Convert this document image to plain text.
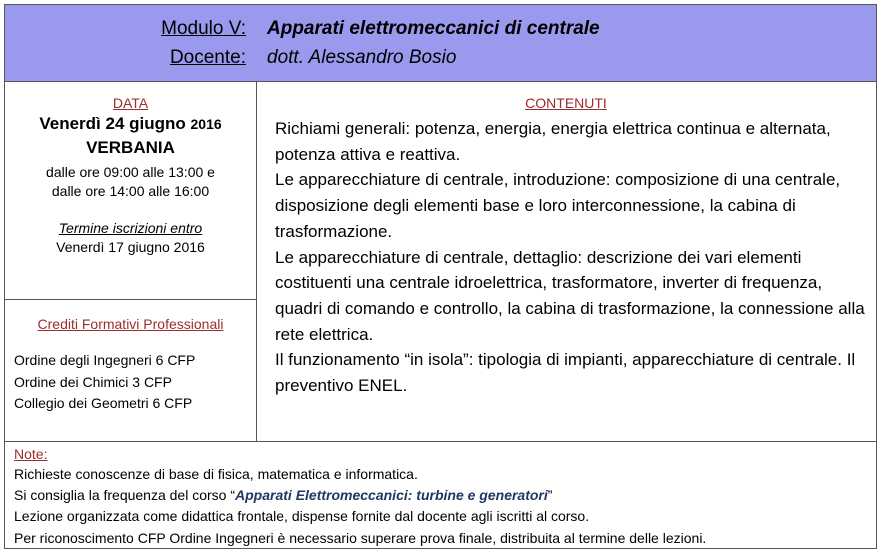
Modulo V: Apparati elettromeccanici di centrale
Docente: dott. Alessandro Bosio
DATA
Venerdì 24 giugno 2016
VERBANIA
dalle ore 09:00 alle 13:00 e
dalle ore 14:00 alle 16:00
Termine iscrizioni entro
Venerdì 17 giugno 2016
Crediti Formativi Professionali
Ordine degli Ingegneri 6 CFP
Ordine dei Chimici 3 CFP
Collegio dei Geometri 6 CFP
CONTENUTI
Richiami generali: potenza, energia, energia elettrica continua e alternata, potenza attiva e reattiva.
Le apparecchiature di centrale, introduzione: composizione di una centrale, disposizione degli elementi base e loro interconnessione, la cabina di trasformazione.
Le apparecchiature di centrale, dettaglio: descrizione dei vari elementi costituenti una centrale idroelettrica, trasformatore, inverter di frequenza, quadri di comando e controllo, la cabina di trasformazione, la connessione alla rete elettrica.
Il funzionamento “in isola”: tipologia di impianti, apparecchiature di centrale. Il preventivo ENEL.
Note:
Richieste conoscenze di base di fisica, matematica e informatica.
Si consiglia la frequenza del corso “Apparati Elettromeccanici: turbine e generatori”
Lezione organizzata come didattica frontale, dispense fornite dal docente agli iscritti al corso.
Per riconoscimento CFP Ordine Ingegneri è necessario superare prova finale, distribuita al termine delle lezioni.
